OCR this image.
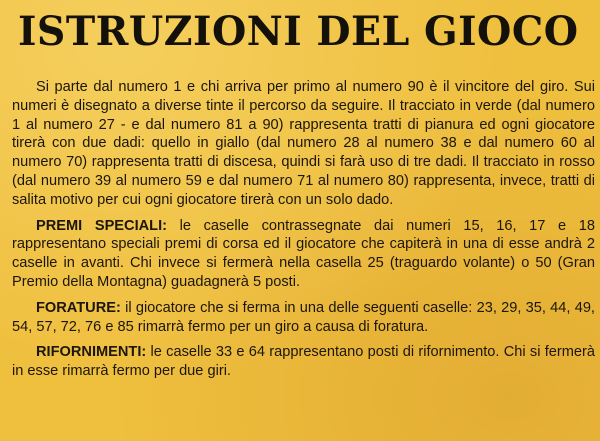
ISTRUZIONI DEL GIOCO

Si parte dal numero 1 e chi arriva per primo al numero 90 è il vincitore del giro. Sui numeri è disegnato a diverse tinte il percorso da seguire. Il tracciato in verde (dal numero 1 al numero 27 - e dal numero 81 a 90) rappresenta tratti di pianura ed ogni giocatore tirerà con due dadi: quello in giallo (dal numero 28 al numero 38 e dal numero 60 al numero 70) rappresenta tratti di discesa, quindi si farà uso di tre dadi. Il tracciato in rosso (dal numero 39 al numero 59 e dal numero 71 al numero 80) rappresenta, invece, tratti di salita motivo per cui ogni giocatore tirerà con un solo dado.

PREMI SPECIALI: le caselle contrassegnate dai numeri 15, 16, 17 e 18 rappresentano speciali premi di corsa ed il giocatore che capiterà in una di esse andrà 2 caselle in avanti. Chi invece si fermerà nella casella 25 (traguardo volante) o 50 (Gran Premio della Montagna) guadagnerà 5 posti.

FORATURE: il giocatore che si ferma in una delle seguenti caselle: 23, 29, 35, 44, 49, 54, 57, 72, 76 e 85 rimarrà fermo per un giro a causa di foratura.

RIFORNIMENTI: le caselle 33 e 64 rappresentano posti di rifornimento. Chi si fermerà in esse rimarrà fermo per due giri.
